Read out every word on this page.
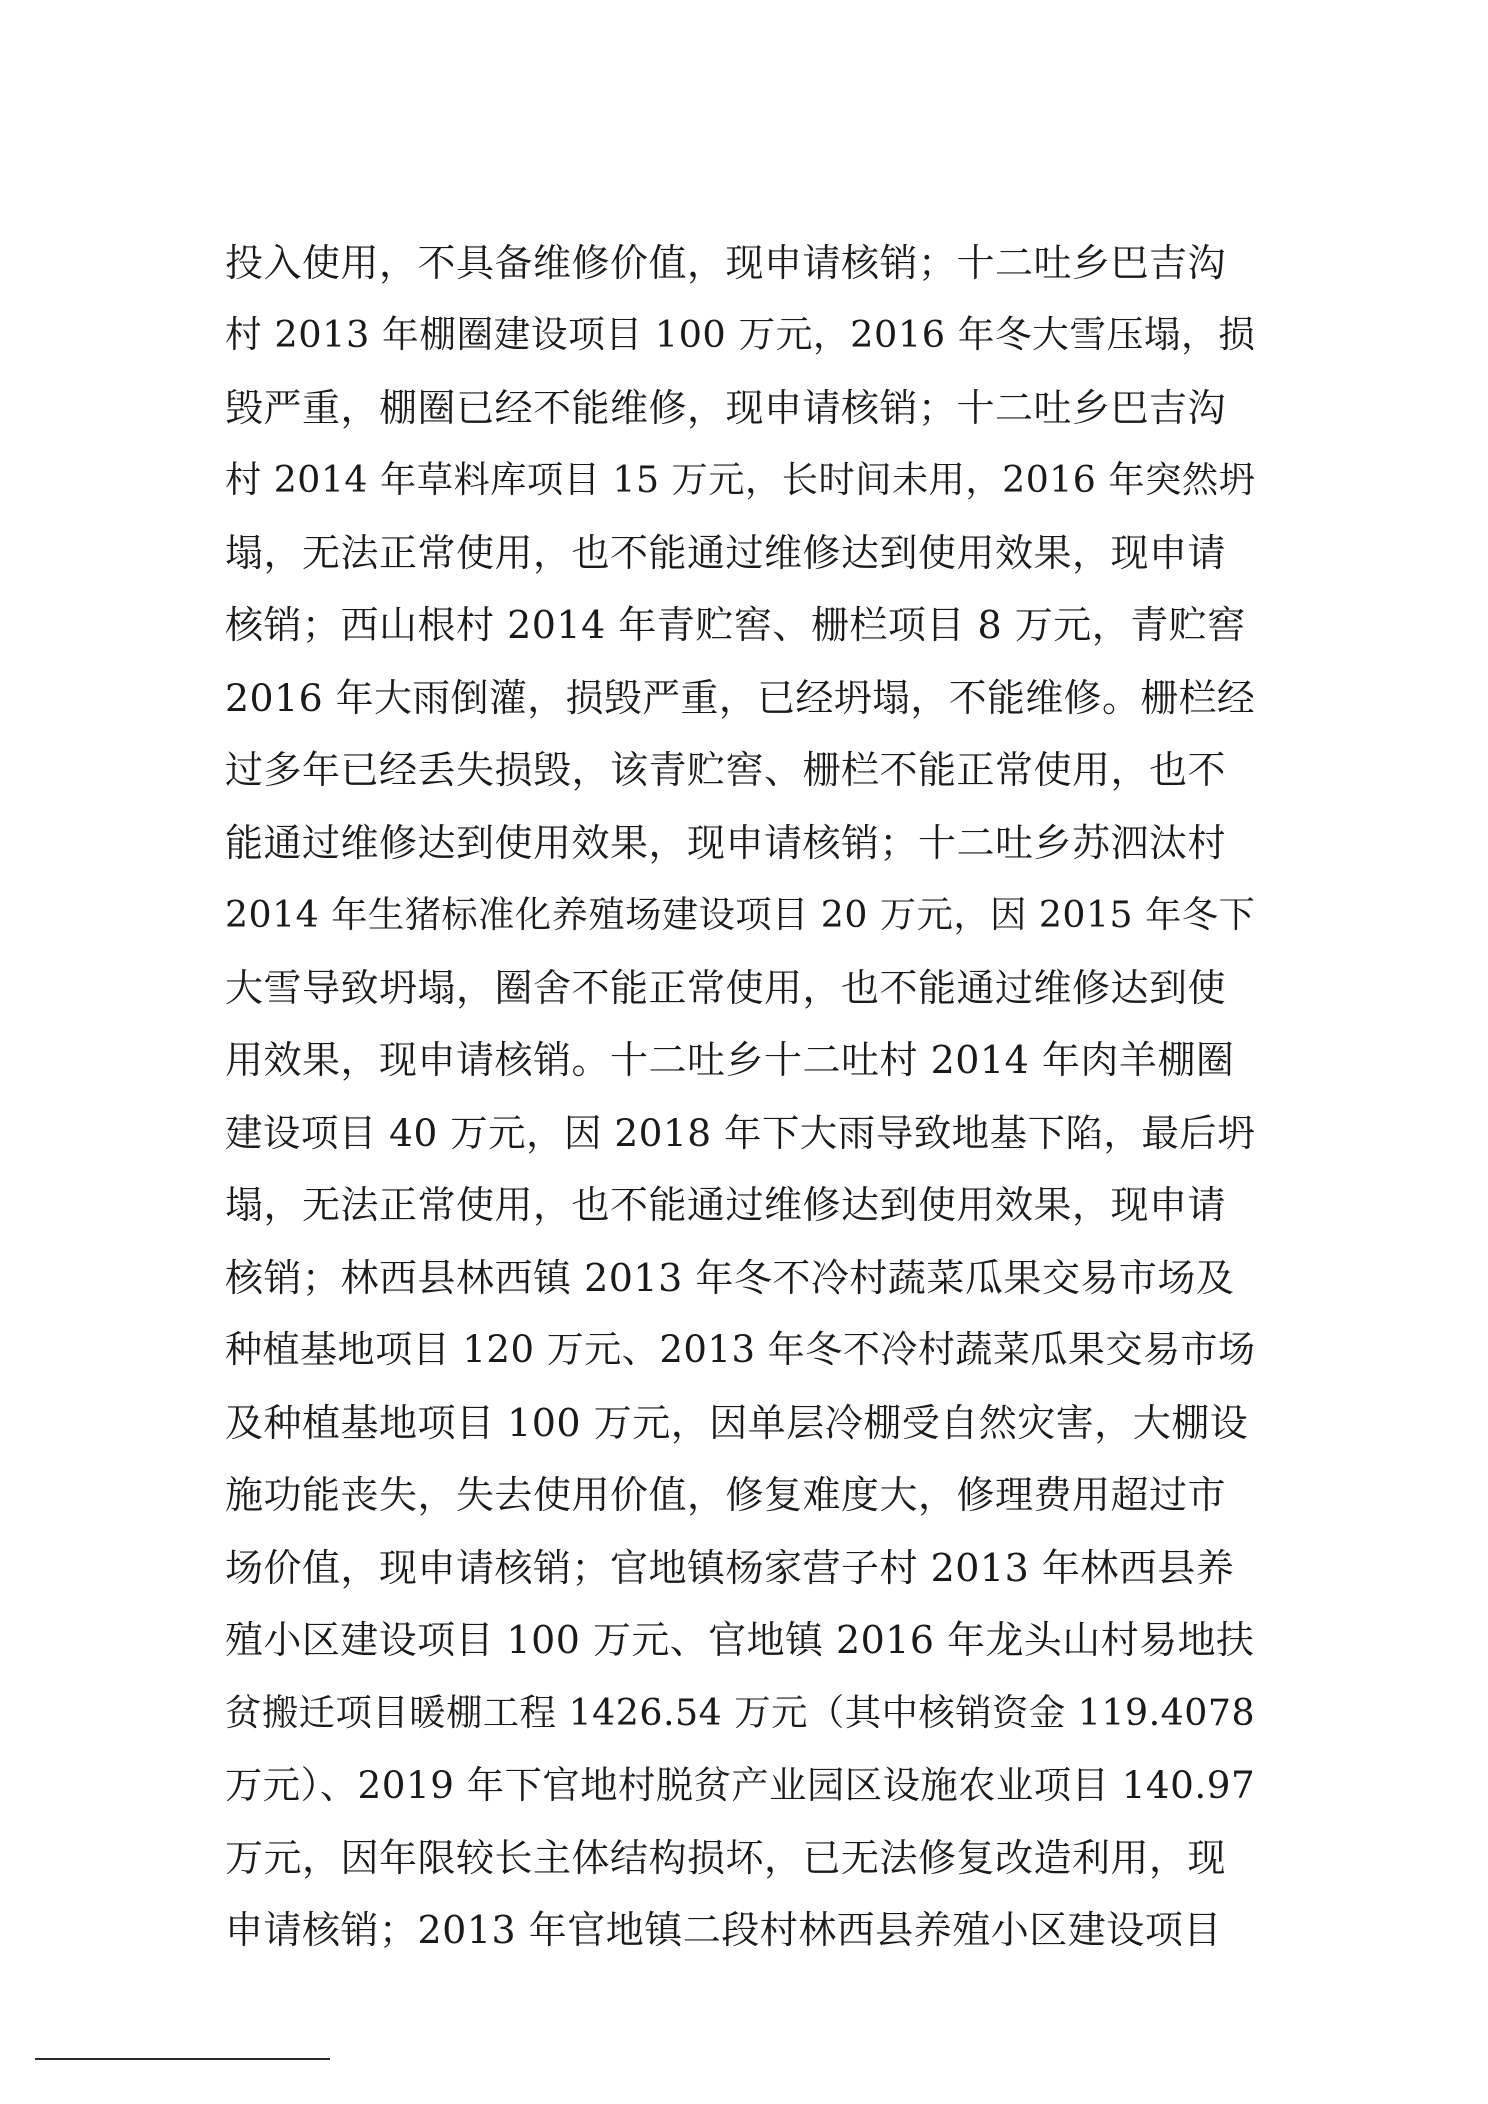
投入使用，不具备维修价值，现申请核销；十二吐乡巴吉沟
村 2013 年棚圈建设项目 100 万元，2016 年冬大雪压塌，损
毁严重，棚圈已经不能维修，现申请核销；十二吐乡巴吉沟
村 2014 年草料库项目 15 万元，长时间未用，2016 年突然坍
塌，无法正常使用，也不能通过维修达到使用效果，现申请
核销；西山根村 2014 年青贮窖、栅栏项目 8 万元，青贮窖
2016 年大雨倒灌，损毁严重，已经坍塌，不能维修。栅栏经
过多年已经丢失损毁，该青贮窖、栅栏不能正常使用，也不
能通过维修达到使用效果，现申请核销；十二吐乡苏泗汰村
2014 年生猪标准化养殖场建设项目 20 万元，因 2015 年冬下
大雪导致坍塌，圈舍不能正常使用，也不能通过维修达到使
用效果，现申请核销。十二吐乡十二吐村 2014 年肉羊棚圈
建设项目 40 万元，因 2018 年下大雨导致地基下陷，最后坍
塌，无法正常使用，也不能通过维修达到使用效果，现申请
核销；林西县林西镇 2013 年冬不冷村蔬菜瓜果交易市场及
种植基地项目 120 万元、2013 年冬不冷村蔬菜瓜果交易市场
及种植基地项目 100 万元，因单层冷棚受自然灾害，大棚设
施功能丧失，失去使用价值，修复难度大，修理费用超过市
场价值，现申请核销；官地镇杨家营子村 2013 年林西县养
殖小区建设项目 100 万元、官地镇 2016 年龙头山村易地扶
贫搬迁项目暖棚工程 1426.54 万元（其中核销资金 119.4078
万元）、2019 年下官地村脱贫产业园区设施农业项目 140.97
万元，因年限较长主体结构损坏，已无法修复改造利用，现
申请核销；2013 年官地镇二段村林西县养殖小区建设项目
